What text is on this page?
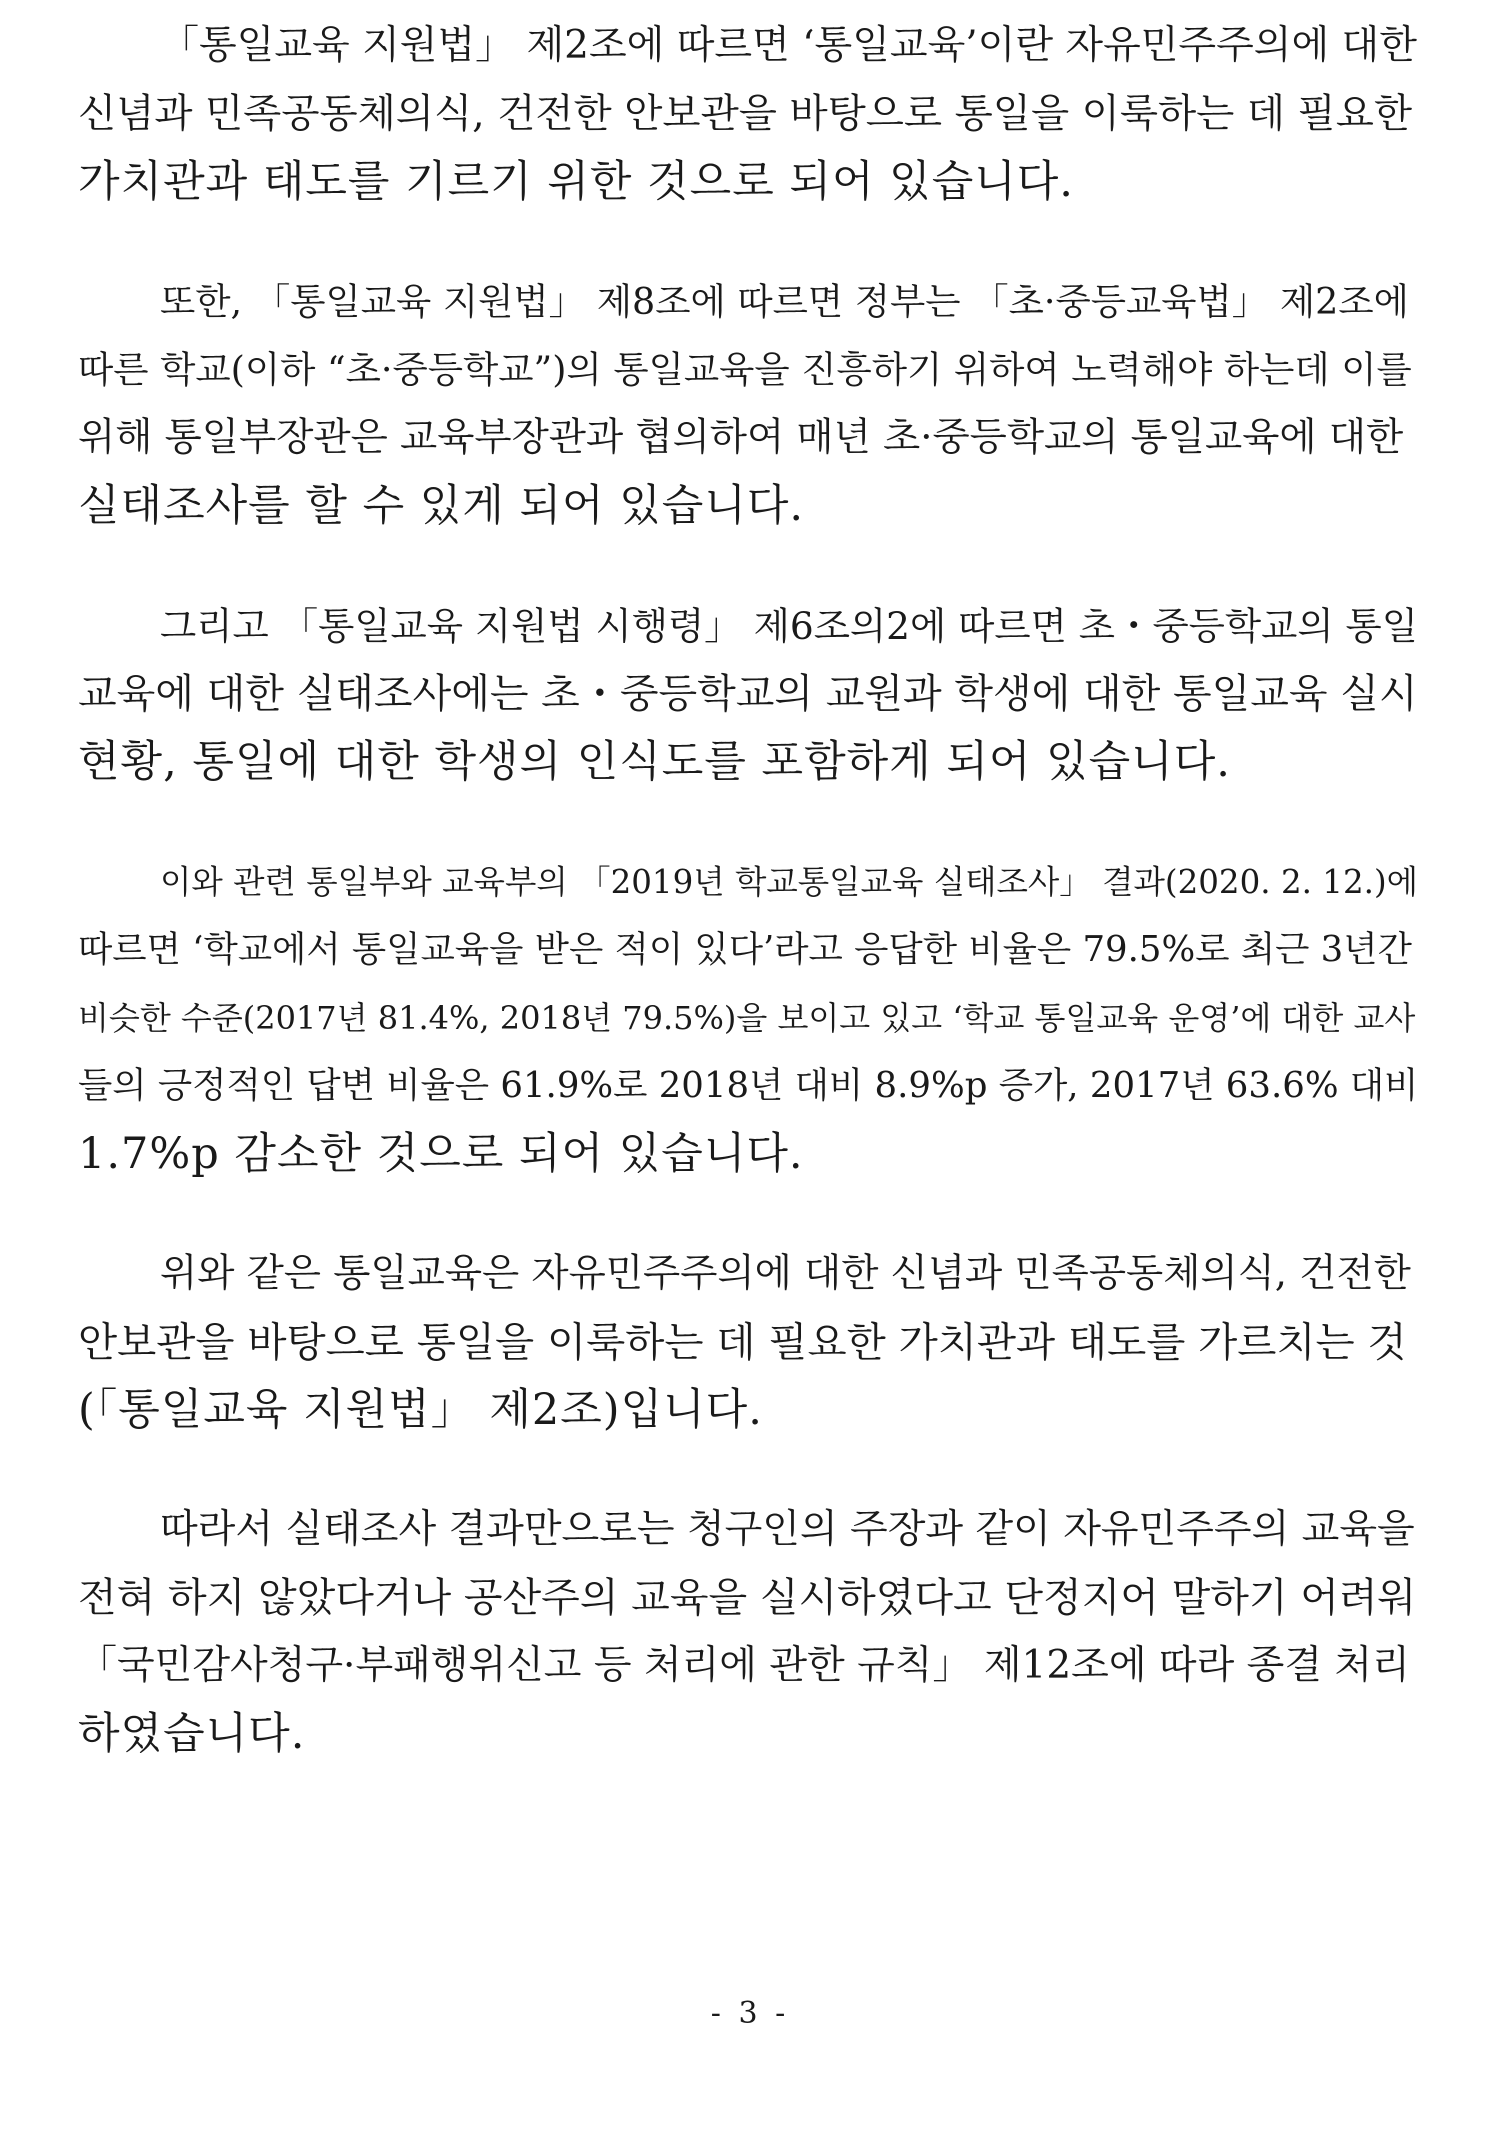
「통일교육 지원법」 제2조에 따르면 ‘통일교육’이란 자유민주주의에 대한
신념과 민족공동체의식, 건전한 안보관을 바탕으로 통일을 이룩하는 데 필요한
가치관과 태도를 기르기 위한 것으로 되어 있습니다.

또한, 「통일교육 지원법」 제8조에 따르면 정부는 「초·중등교육법」 제2조에
따른 학교(이하 “초·중등학교”)의 통일교육을 진흥하기 위하여 노력해야 하는데 이를
위해 통일부장관은 교육부장관과 협의하여 매년 초·중등학교의 통일교육에 대한
실태조사를 할 수 있게 되어 있습니다.

그리고 「통일교육 지원법 시행령」 제6조의2에 따르면 초・중등학교의 통일
교육에 대한 실태조사에는 초・중등학교의 교원과 학생에 대한 통일교육 실시
현황, 통일에 대한 학생의 인식도를 포함하게 되어 있습니다.

이와 관련 통일부와 교육부의 「2019년 학교통일교육 실태조사」 결과(2020. 2. 12.)에
따르면 ‘학교에서 통일교육을 받은 적이 있다’라고 응답한 비율은 79.5%로 최근 3년간
비슷한 수준(2017년 81.4%, 2018년 79.5%)을 보이고 있고 ‘학교 통일교육 운영’에 대한 교사
들의 긍정적인 답변 비율은 61.9%로 2018년 대비 8.9%p 증가, 2017년 63.6% 대비
1.7%p 감소한 것으로 되어 있습니다.

위와 같은 통일교육은 자유민주주의에 대한 신념과 민족공동체의식, 건전한
안보관을 바탕으로 통일을 이룩하는 데 필요한 가치관과 태도를 가르치는 것
(「통일교육 지원법」 제2조)입니다.

따라서 실태조사 결과만으로는 청구인의 주장과 같이 자유민주주의 교육을
전혀 하지 않았다거나 공산주의 교육을 실시하였다고 단정지어 말하기 어려워
「국민감사청구·부패행위신고 등 처리에 관한 규칙」 제12조에 따라 종결 처리
하였습니다.

- 3 -
